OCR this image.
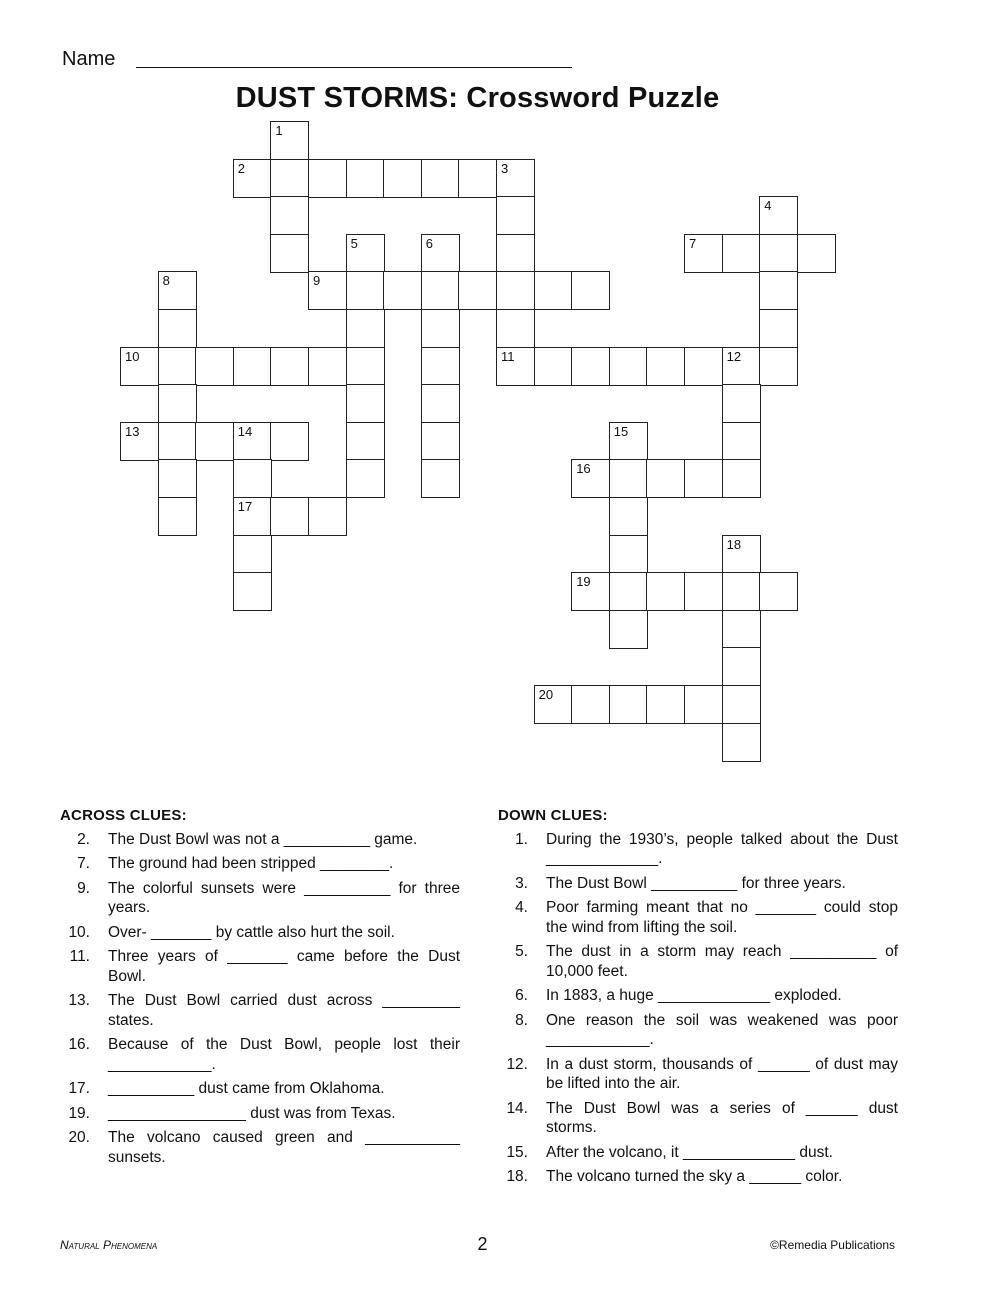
Name
DUST STORMS: Crossword Puzzle
1
2	3
4
5	6	7
8	9
10	11	12
13	14	15
16
17
18
19
20
ACROSS CLUES:
2. The Dust Bowl was not a __________ game.
7. The ground had been stripped ________.
9. The colorful sunsets were __________ for three years.
10. Over- _______ by cattle also hurt the soil.
11. Three years of _______ came before the Dust Bowl.
13. The Dust Bowl carried dust across _________ states.
16. Because of the Dust Bowl, people lost their ____________.
17. __________ dust came from Oklahoma.
19. ________________ dust was from Texas.
20. The volcano caused green and ___________ sunsets.
DOWN CLUES:
1. During the 1930’s, people talked about the Dust _____________.
3. The Dust Bowl __________ for three years.
4. Poor farming meant that no _______ could stop the wind from lifting the soil.
5. The dust in a storm may reach __________ of 10,000 feet.
6. In 1883, a huge _____________ exploded.
8. One reason the soil was weakened was poor ____________.
12. In a dust storm, thousands of ______ of dust may be lifted into the air.
14. The Dust Bowl was a series of ______ dust storms.
15. After the volcano, it _____________ dust.
18. The volcano turned the sky a ______ color.
Natural Phenomena	2	©Remedia Publications
